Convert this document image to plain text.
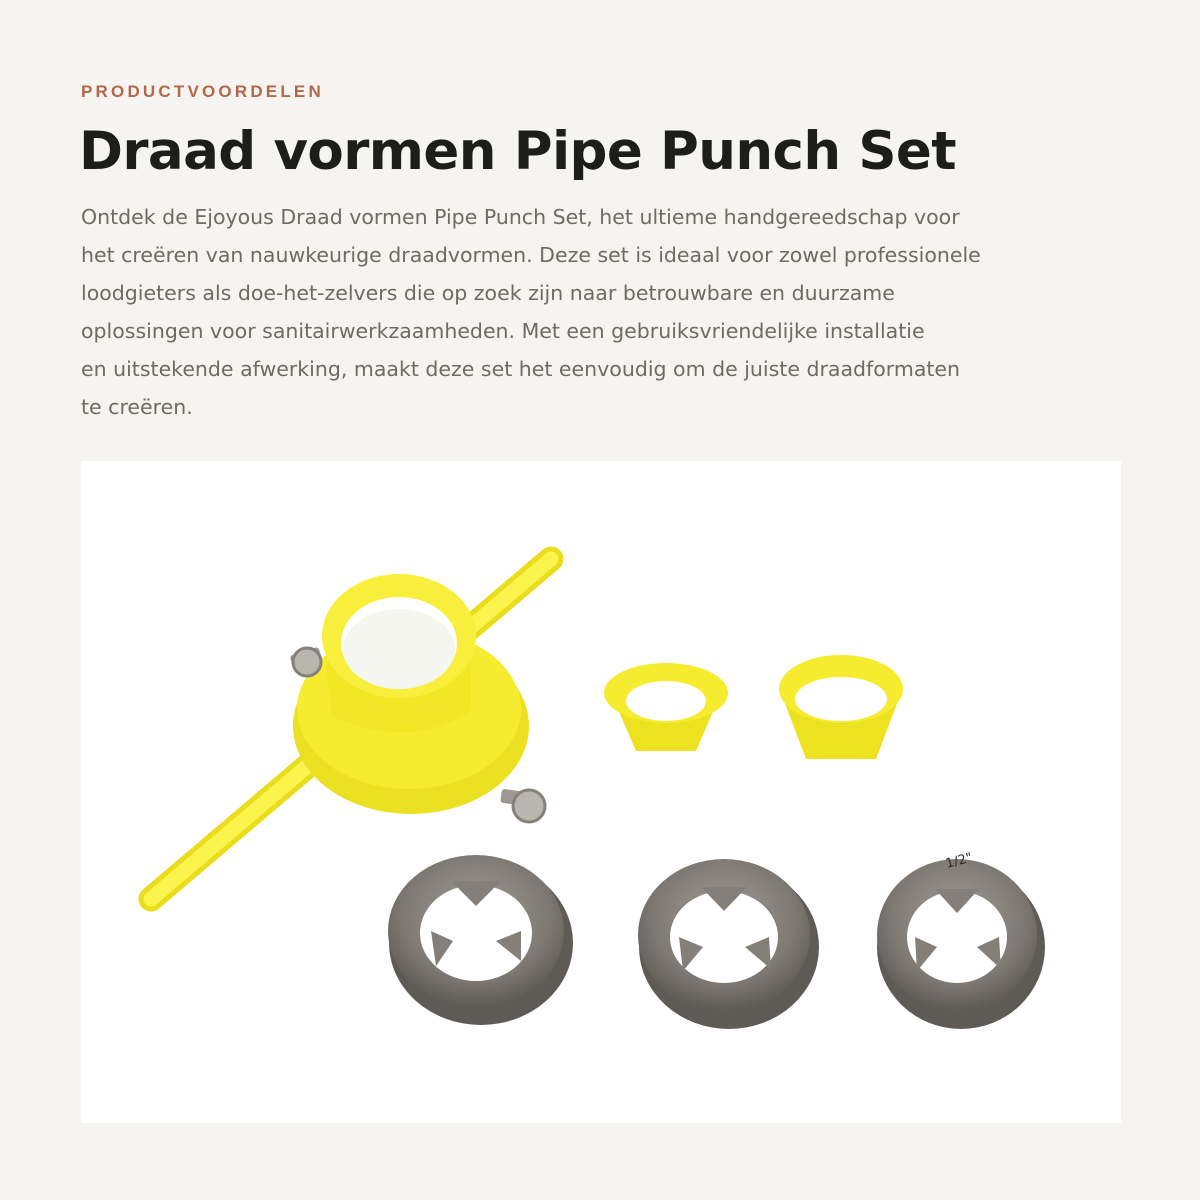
PRODUCTVOORDELEN
Draad vormen Pipe Punch Set
Ontdek de Ejoyous Draad vormen Pipe Punch Set, het ultieme handgereedschap voor
het creëren van nauwkeurige draadvormen. Deze set is ideaal voor zowel professionele
loodgieters als doe-het-zelvers die op zoek zijn naar betrouwbare en duurzame
oplossingen voor sanitairwerkzaamheden. Met een gebruiksvriendelijke installatie
en uitstekende afwerking, maakt deze set het eenvoudig om de juiste draadformaten
te creëren.
1/2"
